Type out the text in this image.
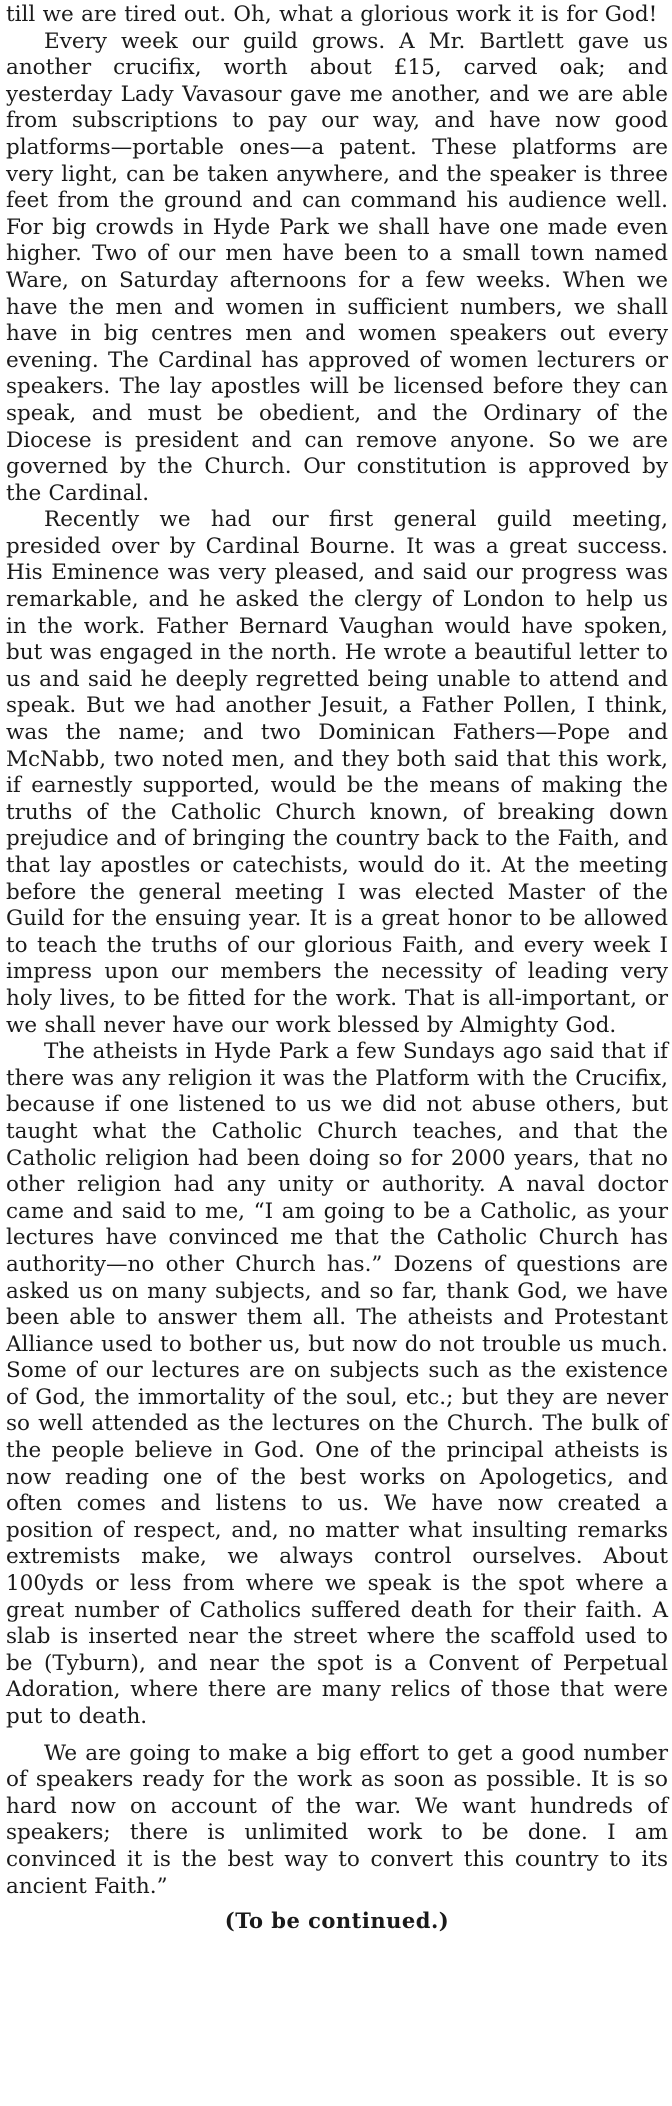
till we are tired out. Oh, what a glorious work it is for God!

Every week our guild grows. A Mr. Bartlett gave us another crucifix, worth about £15, carved oak; and yesterday Lady Vavasour gave me another, and we are able from subscriptions to pay our way, and have now good platforms—portable ones—a patent. These platforms are very light, can be taken anywhere, and the speaker is three feet from the ground and can command his audience well. For big crowds in Hyde Park we shall have one made even higher. Two of our men have been to a small town named Ware, on Saturday afternoons for a few weeks. When we have the men and women in sufficient numbers, we shall have in big centres men and women speakers out every evening. The Cardinal has approved of women lecturers or speakers. The lay apostles will be licensed before they can speak, and must be obedient, and the Ordinary of the Diocese is president and can remove anyone. So we are governed by the Church. Our constitution is approved by the Cardinal.

Recently we had our first general guild meeting, presided over by Cardinal Bourne. It was a great success. His Eminence was very pleased, and said our progress was remarkable, and he asked the clergy of London to help us in the work. Father Bernard Vaughan would have spoken, but was engaged in the north. He wrote a beautiful letter to us and said he deeply regretted being unable to attend and speak. But we had another Jesuit, a Father Pollen, I think, was the name; and two Dominican Fathers—Pope and McNabb, two noted men, and they both said that this work, if earnestly supported, would be the means of making the truths of the Catholic Church known, of breaking down prejudice and of bringing the country back to the Faith, and that lay apostles or catechists, would do it. At the meeting before the general meeting I was elected Master of the Guild for the ensuing year. It is a great honor to be allowed to teach the truths of our glorious Faith, and every week I impress upon our members the necessity of leading very holy lives, to be fitted for the work. That is all-important, or we shall never have our work blessed by Almighty God.

The atheists in Hyde Park a few Sundays ago said that if there was any religion it was the Platform with the Crucifix, because if one listened to us we did not abuse others, but taught what the Catholic Church teaches, and that the Catholic religion had been doing so for 2000 years, that no other religion had any unity or authority. A naval doctor came and said to me, “I am going to be a Catholic, as your lectures have convinced me that the Catholic Church has authority—no other Church has.” Dozens of questions are asked us on many subjects, and so far, thank God, we have been able to answer them all. The atheists and Protestant Alliance used to bother us, but now do not trouble us much. Some of our lectures are on subjects such as the existence of God, the immortality of the soul, etc.; but they are never so well attended as the lectures on the Church. The bulk of the people believe in God. One of the principal atheists is now reading one of the best works on Apologetics, and often comes and listens to us. We have now created a position of respect, and, no matter what insulting remarks extremists make, we always control ourselves. About 100yds or less from where we speak is the spot where a great number of Catholics suffered death for their faith. A slab is inserted near the street where the scaffold used to be (Tyburn), and near the spot is a Convent of Perpetual Adoration, where there are many relics of those that were put to death.

We are going to make a big effort to get a good number of speakers ready for the work as soon as possible. It is so hard now on account of the war. We want hundreds of speakers; there is unlimited work to be done. I am convinced it is the best way to convert this country to its ancient Faith.”

(To be continued.)
